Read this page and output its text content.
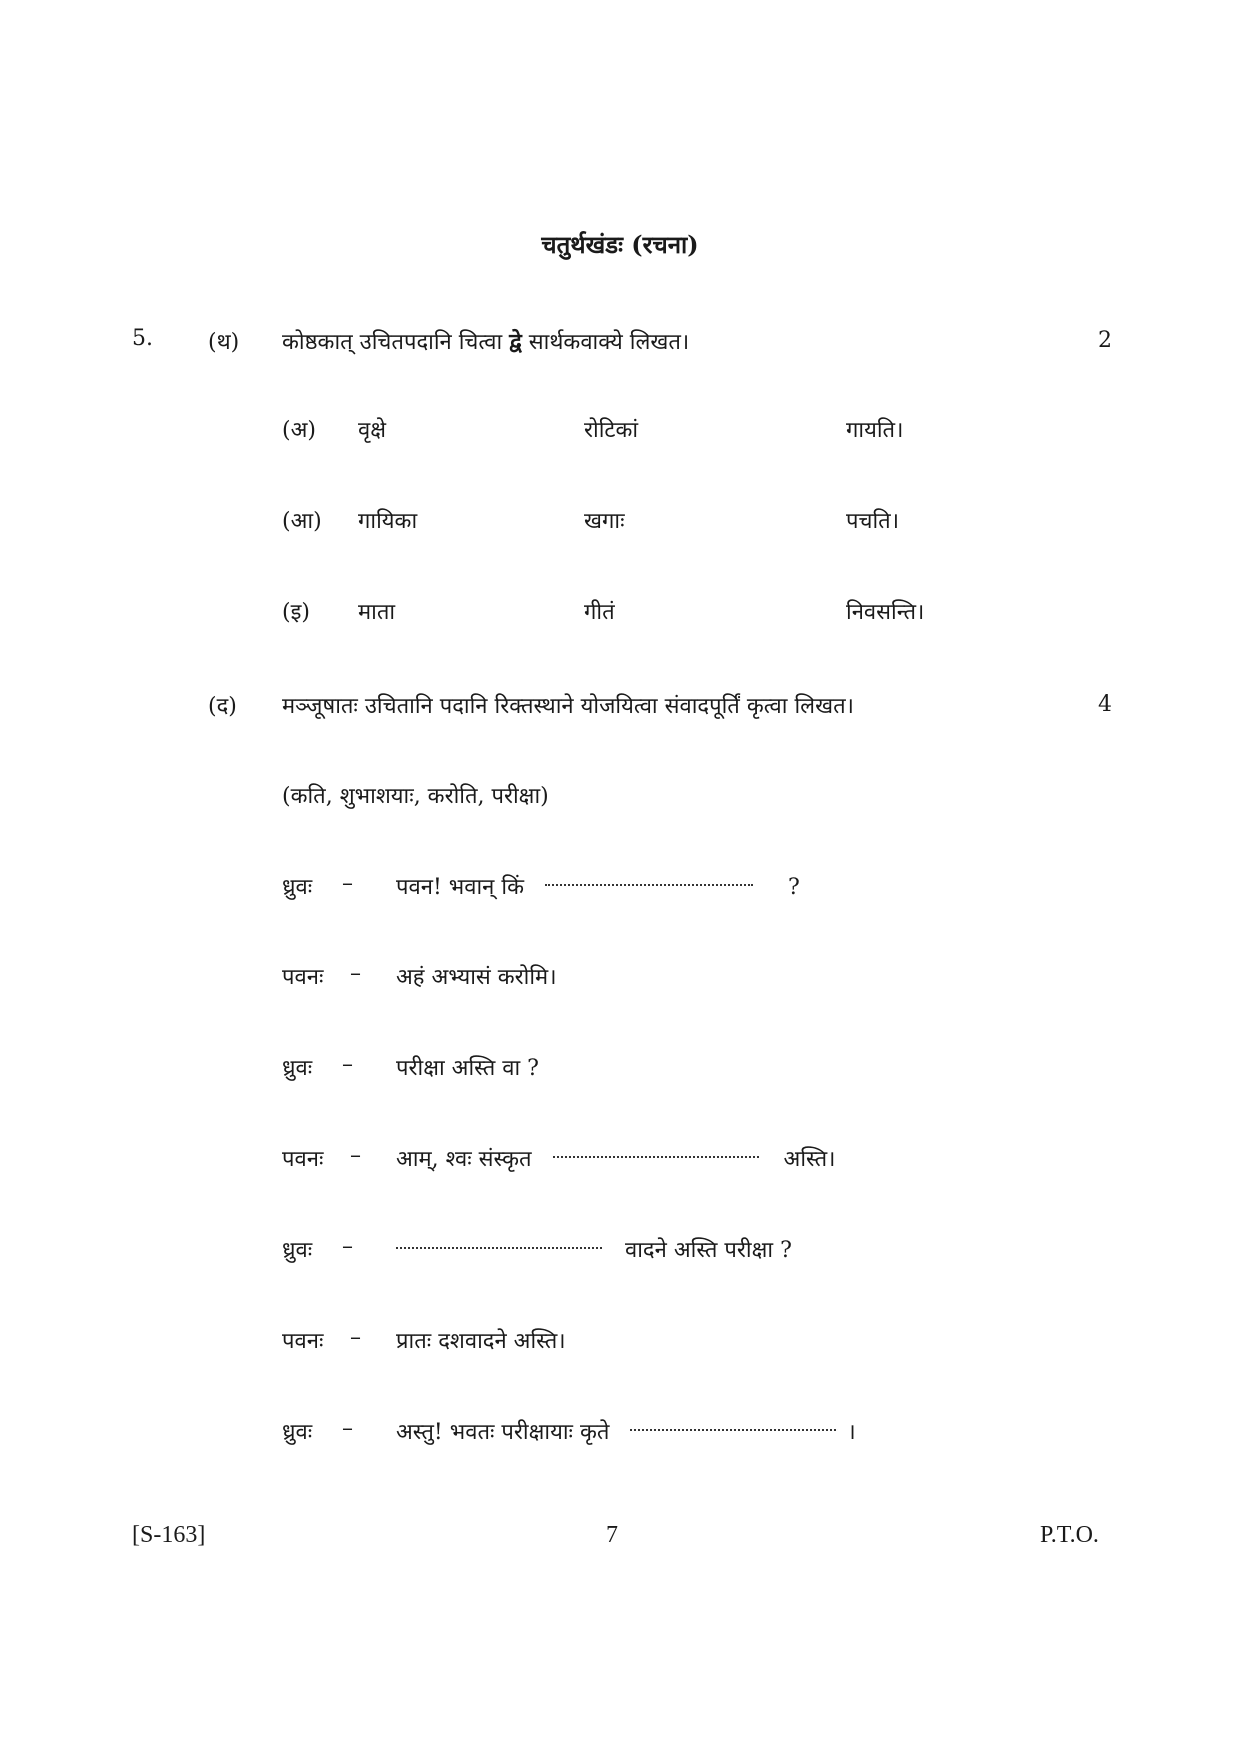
चतुर्थखंडः (रचना)
5.	(थ) कोष्ठकात् उचितपदानि चित्वा द्वे सार्थकवाक्ये लिखत।	2
(अ) वृक्षे	रोटिकां	गायति।
(आ) गायिका	खगाः	पचति।
(इ) माता	गीतं	निवसन्ति।
(द) मञ्जूषातः उचितानि पदानि रिक्तस्थाने योजयित्वा संवादपूर्तिं कृत्वा लिखत।	4
(कति, शुभाशयाः, करोति, परीक्षा)
ध्रुवः – पवन! भवान् किं	?
पवनः – अहं अभ्यासं करोमि।
ध्रुवः – परीक्षा अस्ति वा ?
पवनः – आम्, श्वः संस्कृत	अस्ति।
ध्रुवः –	वादने अस्ति परीक्षा ?
पवनः – प्रातः दशवादने अस्ति।
ध्रुवः – अस्तु! भवतः परीक्षायाः कृते	।
[S-163]	7	P.T.O.
